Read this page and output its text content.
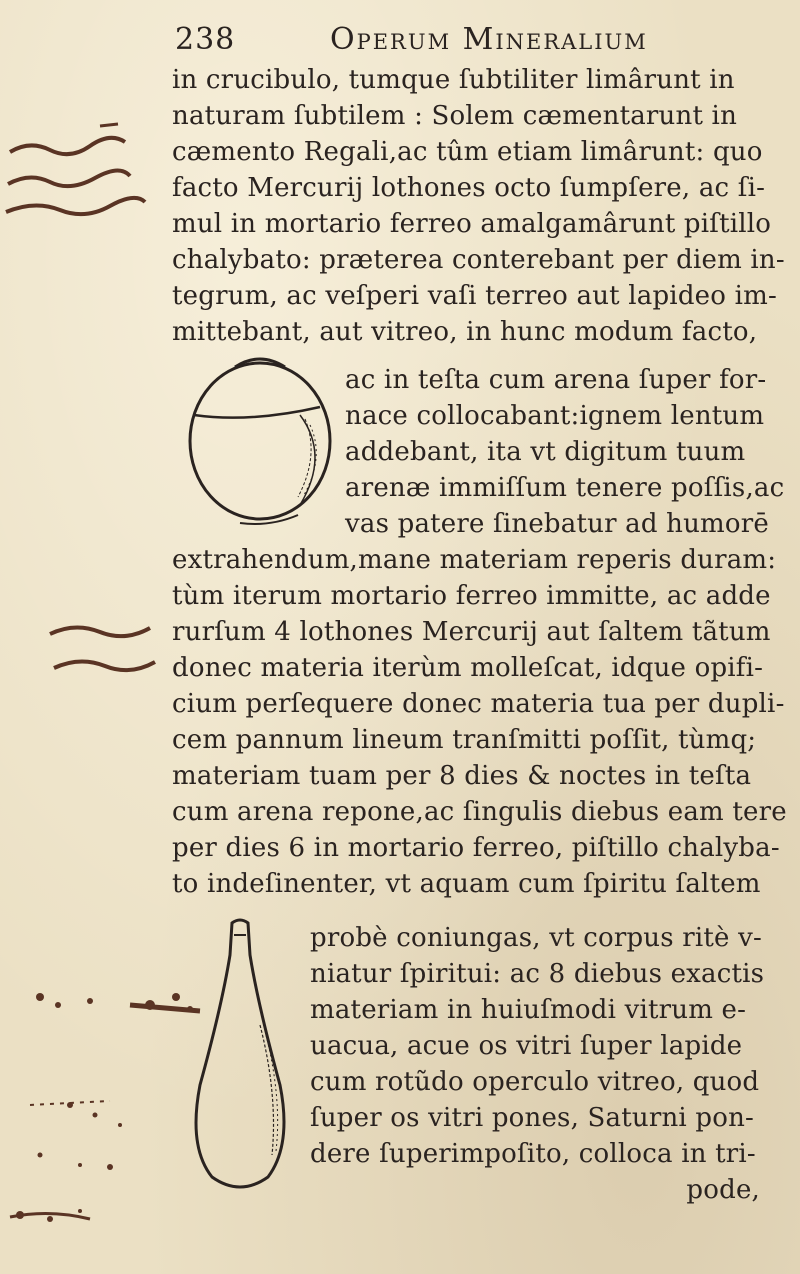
238	Operum Mineralium
in crucibulo, tumque ſubtiliter limârunt in
naturam ſubtilem : Solem cæmentarunt in
cæmento Regali,ac tûm etiam limârunt: quo
facto Mercurij lothones octo ſumpſere, ac ſi-
mul in mortario ferreo amalgamârunt piſtillo
chalybato: præterea conterebant per diem in-
tegrum, ac veſperi vaſi terreo aut lapideo im-
mittebant, aut vitreo, in hunc modum facto,
ac in teſta cum arena ſuper for-
nace collocabant:ignem lentum
addebant, ita vt digitum tuum
arenæ immiſſum tenere poſſis,ac
vas patere ſinebatur ad humorē
extrahendum,mane materiam reperis duram:
tùm iterum mortario ferreo immitte, ac adde
rurſum 4 lothones Mercurij aut ſaltem tãtum
donec materia iterùm molleſcat, idque opifi-
cium perſequere donec materia tua per dupli-
cem pannum lineum tranſmitti poſſit, tùmq;
materiam tuam per 8 dies & noctes in teſta
cum arena repone,ac ſingulis diebus eam tere
per dies 6 in mortario ferreo, piſtillo chalyba-
to indeſinenter, vt aquam cum ſpiritu ſaltem
probè coniungas, vt corpus ritè v-
niatur ſpiritui: ac 8 diebus exactis
materiam in huiuſmodi vitrum e-
uacua, acue os vitri ſuper lapide
cum rotũdo operculo vitreo, quod
ſuper os vitri pones, Saturni pon-
dere ſuperimpoſito, colloca in tri-
pode,
